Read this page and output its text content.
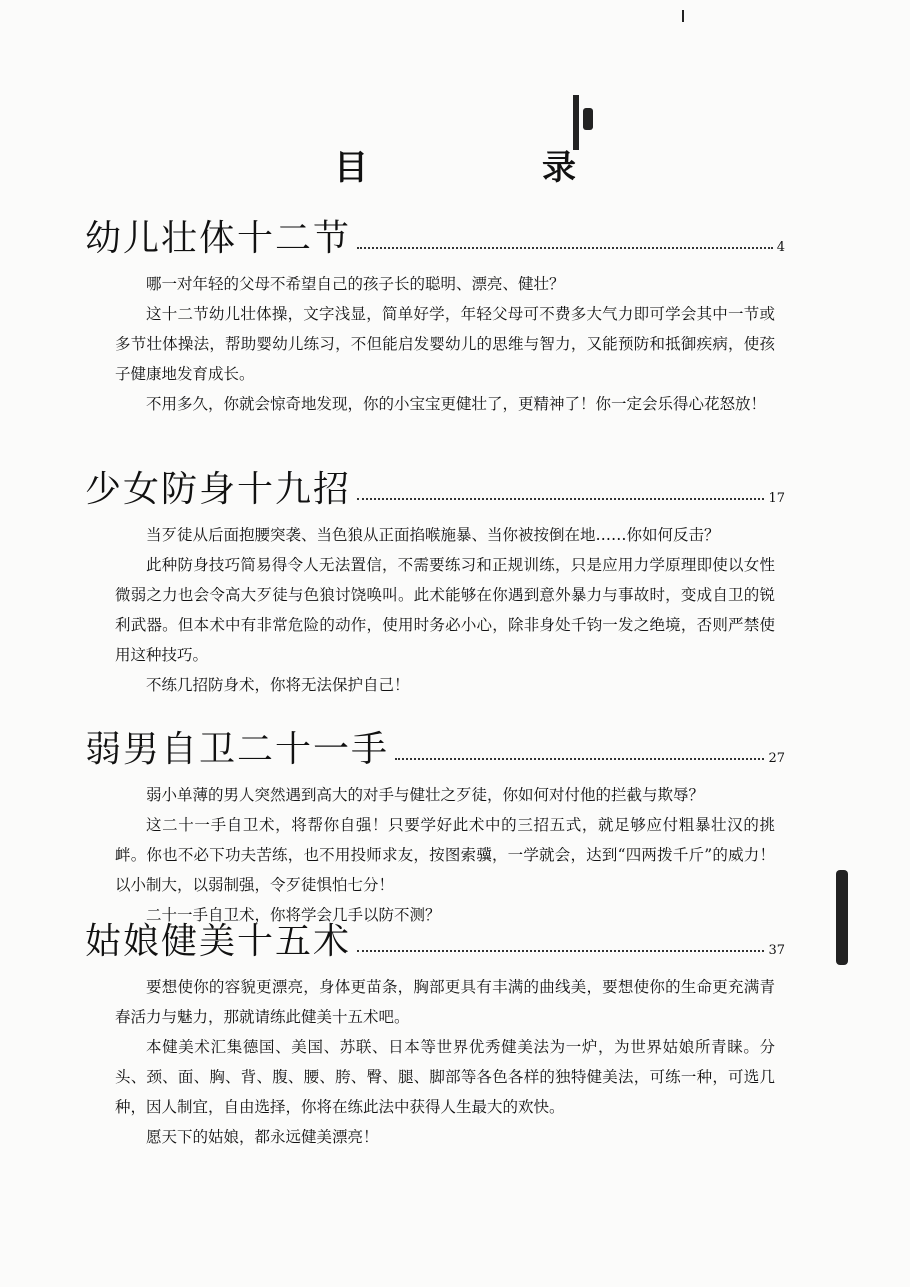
目　录
幼儿壮体十二节	4

哪一对年轻的父母不希望自己的孩子长的聪明、漂亮、健壮？

这十二节幼儿壮体操，文字浅显，简单好学，年轻父母可不费多大气力即可学会其中一节或多节壮体操法，帮助婴幼儿练习，不但能启发婴幼儿的思维与智力，又能预防和抵御疾病，使孩子健康地发育成长。

不用多久，你就会惊奇地发现，你的小宝宝更健壮了，更精神了！你一定会乐得心花怒放！

少女防身十九招	17

当歹徒从后面抱腰突袭、当色狼从正面掐喉施暴、当你被按倒在地……你如何反击？

此种防身技巧简易得令人无法置信，不需要练习和正规训练，只是应用力学原理即使以女性微弱之力也会令高大歹徒与色狼讨饶唤叫。此术能够在你遇到意外暴力与事故时，变成自卫的锐利武器。但本术中有非常危险的动作，使用时务必小心，除非身处千钧一发之绝境，否则严禁使用这种技巧。

不练几招防身术，你将无法保护自己！

弱男自卫二十一手	27

弱小单薄的男人突然遇到高大的对手与健壮之歹徒，你如何对付他的拦截与欺辱？

这二十一手自卫术，将帮你自强！只要学好此术中的三招五式，就足够应付粗暴壮汉的挑衅。你也不必下功夫苦练，也不用投师求友，按图索骥，一学就会，达到“四两拨千斤”的威力！以小制大，以弱制强，令歹徒惧怕七分！

二十一手自卫术，你将学会几手以防不测？

姑娘健美十五术	37

要想使你的容貌更漂亮，身体更苗条，胸部更具有丰满的曲线美，要想使你的生命更充满青春活力与魅力，那就请练此健美十五术吧。

本健美术汇集德国、美国、苏联、日本等世界优秀健美法为一炉，为世界姑娘所青睐。分头、颈、面、胸、背、腹、腰、胯、臀、腿、脚部等各色各样的独特健美法，可练一种，可选几种，因人制宜，自由选择，你将在练此法中获得人生最大的欢快。

愿天下的姑娘，都永远健美漂亮！
